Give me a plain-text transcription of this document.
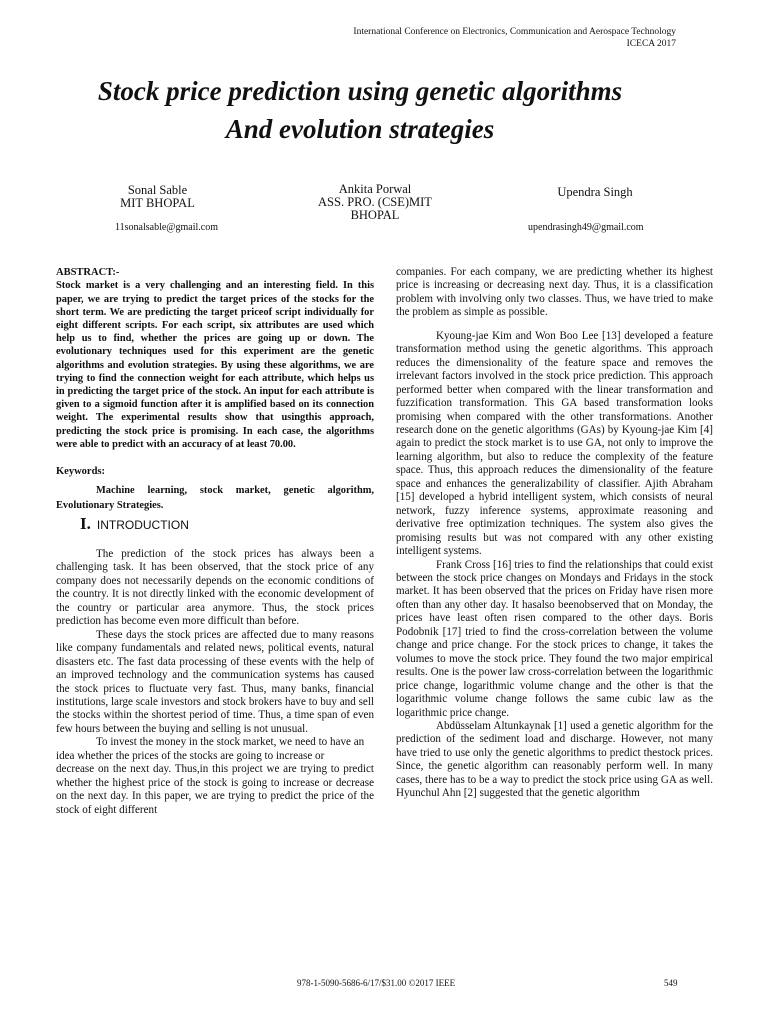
International Conference on Electronics, Communication and Aerospace Technology
ICECA 2017
Stock price prediction using genetic algorithms
And evolution strategies
Sonal Sable
MIT BHOPAL
Ankita Porwal
ASS. PRO. (CSE)MIT
BHOPAL
Upendra Singh
11sonalsable@gmail.com	upendrasingh49@gmail.com
ABSTRACT:-

Stock market is a very challenging and an interesting field. In this paper, we are trying to predict the target prices of the stocks for the short term. We are predicting the target priceof script individually for eight different scripts. For each script, six attributes are used which help us to find, whether the prices are going up or down. The evolutionary techniques used for this experiment are the genetic algorithms and evolution strategies. By using these algorithms, we are trying to find the connection weight for each attribute, which helps us in predicting the target price of the stock. An input for each attribute is given to a sigmoid function after it is amplified based on its connection weight. The experimental results show that usingthis approach, predicting the stock price is promising. In each case, the algorithms were able to predict with an accuracy of at least 70.00.

Keywords:

Machine learning, stock market, genetic algorithm, Evolutionary Strategies.

I. INTRODUCTION

The prediction of the stock prices has always been a challenging task. It has been observed, that the stock price of any company does not necessarily depends on the economic conditions of the country. It is not directly linked with the economic development of the country or particular area anymore. Thus, the stock prices prediction has become even more difficult than before.

These days the stock prices are affected due to many reasons like company fundamentals and related news, political events, natural disasters etc. The fast data processing of these events with the help of an improved technology and the communication systems has caused the stock prices to fluctuate very fast. Thus, many banks, financial institutions, large scale investors and stock brokers have to buy and sell the stocks within the shortest period of time. Thus, a time span of even few hours between the buying and selling is not unusual.

To invest the money in the stock market, we need to have an idea whether the prices of the stocks are going to increase or

decrease on the next day. Thus,in this project we are trying to predict whether the highest price of the stock is going to increase or decrease on the next day. In this paper, we are trying to predict the price of the stock of eight different

companies. For each company, we are predicting whether its highest price is increasing or decreasing next day. Thus, it is a classification problem with involving only two classes. Thus, we have tried to make the problem as simple as possible.

Kyoung-jae Kim and Won Boo Lee [13] developed a feature transformation method using the genetic algorithms. This approach reduces the dimensionality of the feature space and removes the irrelevant factors involved in the stock price prediction. This approach performed better when compared with the linear transformation and fuzzification transformation. This GA based transformation looks promising when compared with the other transformations. Another research done on the genetic algorithms (GAs) by Kyoung-jae Kim [4] again to predict the stock market is to use GA, not only to improve the learning algorithm, but also to reduce the complexity of the feature space. Thus, this approach reduces the dimensionality of the feature space and enhances the generalizability of classifier. Ajith Abraham [15] developed a hybrid intelligent system, which consists of neural network, fuzzy inference systems, approximate reasoning and derivative free optimization techniques. The system also gives the promising results but was not compared with any other existing intelligent systems.

Frank Cross [16] tries to find the relationships that could exist between the stock price changes on Mondays and Fridays in the stock market. It has been observed that the prices on Friday have risen more often than any other day. It hasalso beenobserved that on Monday, the prices have least often risen compared to the other days. Boris Podobnik [17] tried to find the cross-correlation between the volume change and price change. For the stock prices to change, it takes the volumes to move the stock price. They found the two major empirical results. One is the power law cross-correlation between the logarithmic price change, logarithmic volume change and the other is that the logarithmic volume change follows the same cubic law as the logarithmic price change.

Abdüsselam Altunkaynak [1] used a genetic algorithm for the prediction of the sediment load and discharge. However, not many have tried to use only the genetic algorithms to predict thestock prices. Since, the genetic algorithm can reasonably perform well. In many cases, there has to be a way to predict the stock price using GA as well. Hyunchul Ahn [2] suggested that the genetic algorithm

978-1-5090-5686-6/17/$31.00 ©2017 IEEE	549
